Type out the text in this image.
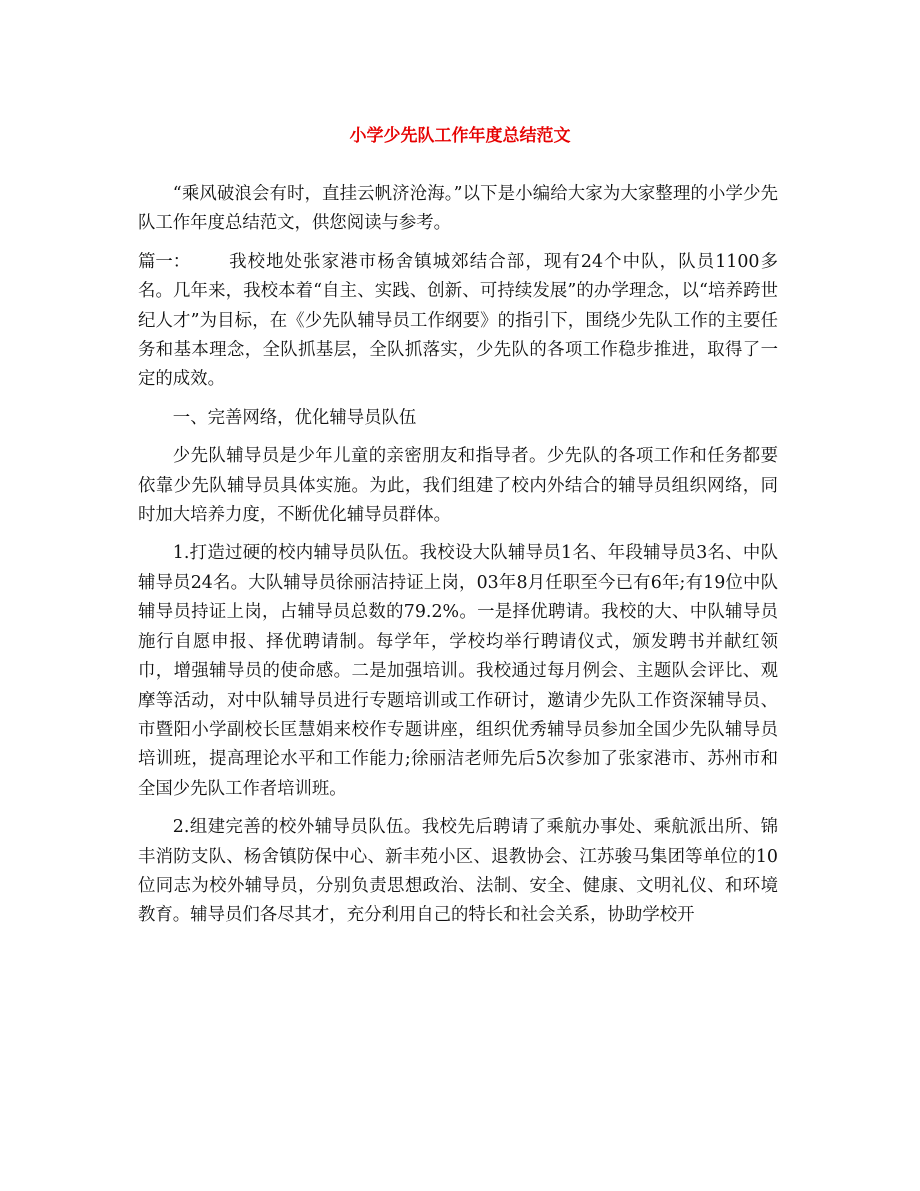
小学少先队工作年度总结范文

“乘风破浪会有时，直挂云帆济沧海。”以下是小编给大家为大家整理的小学少先队工作年度总结范文，供您阅读与参考。

篇一： 我校地处张家港市杨舍镇城郊结合部，现有24个中队，队员1100多名。几年来，我校本着“自主、实践、创新、可持续发展”的办学理念，以“培养跨世纪人才”为目标，在《少先队辅导员工作纲要》的指引下，围绕少先队工作的主要任务和基本理念，全队抓基层，全队抓落实，少先队的各项工作稳步推进，取得了一定的成效。

一、完善网络，优化辅导员队伍

少先队辅导员是少年儿童的亲密朋友和指导者。少先队的各项工作和任务都要依靠少先队辅导员具体实施。为此，我们组建了校内外结合的辅导员组织网络，同时加大培养力度，不断优化辅导员群体。

1.打造过硬的校内辅导员队伍。我校设大队辅导员1名、年段辅导员3名、中队辅导员24名。大队辅导员徐丽洁持证上岗，03年8月任职至今已有6年;有19位中队辅导员持证上岗，占辅导员总数的79.2%。一是择优聘请。我校的大、中队辅导员施行自愿申报、择优聘请制。每学年，学校均举行聘请仪式，颁发聘书并献红领巾，增强辅导员的使命感。二是加强培训。我校通过每月例会、主题队会评比、观摩等活动，对中队辅导员进行专题培训或工作研讨，邀请少先队工作资深辅导员、市暨阳小学副校长匡慧娟来校作专题讲座，组织优秀辅导员参加全国少先队辅导员培训班，提高理论水平和工作能力;徐丽洁老师先后5次参加了张家港市、苏州市和全国少先队工作者培训班。

2.组建完善的校外辅导员队伍。我校先后聘请了乘航办事处、乘航派出所、锦丰消防支队、杨舍镇防保中心、新丰苑小区、退教协会、江苏骏马集团等单位的10位同志为校外辅导员，分别负责思想政治、法制、安全、健康、文明礼仪、和环境教育。辅导员们各尽其才，充分利用自己的特长和社会关系，协助学校开
